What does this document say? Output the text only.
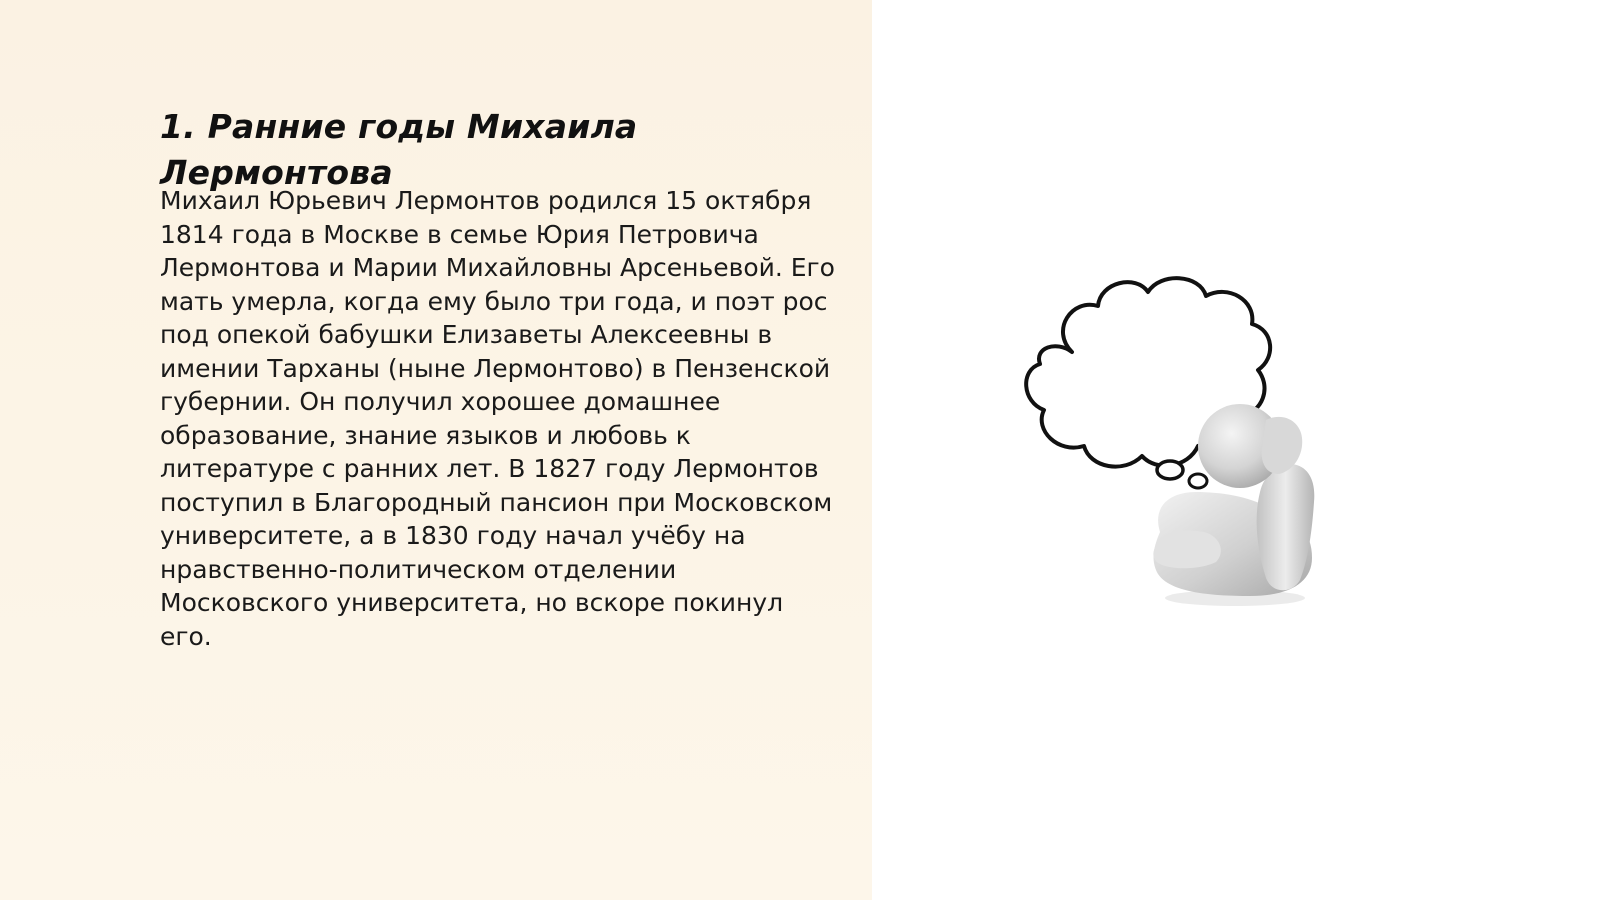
1. Ранние годы Михаила Лермонтова

Михаил Юрьевич Лермонтов родился 15 октября 1814 года в Москве в семье Юрия Петровича Лермонтова и Марии Михайловны Арсеньевой. Его мать умерла, когда ему было три года, и поэт рос под опекой бабушки Елизаветы Алексеевны в имении Тарханы (ныне Лермонтово) в Пензенской губернии. Он получил хорошее домашнее образование, знание языков и любовь к литературе с ранних лет. В 1827 году Лермонтов поступил в Благородный пансион при Московском университете, а в 1830 году начал учёбу на нравственно-политическом отделении Московского университета, но вскоре покинул его.
